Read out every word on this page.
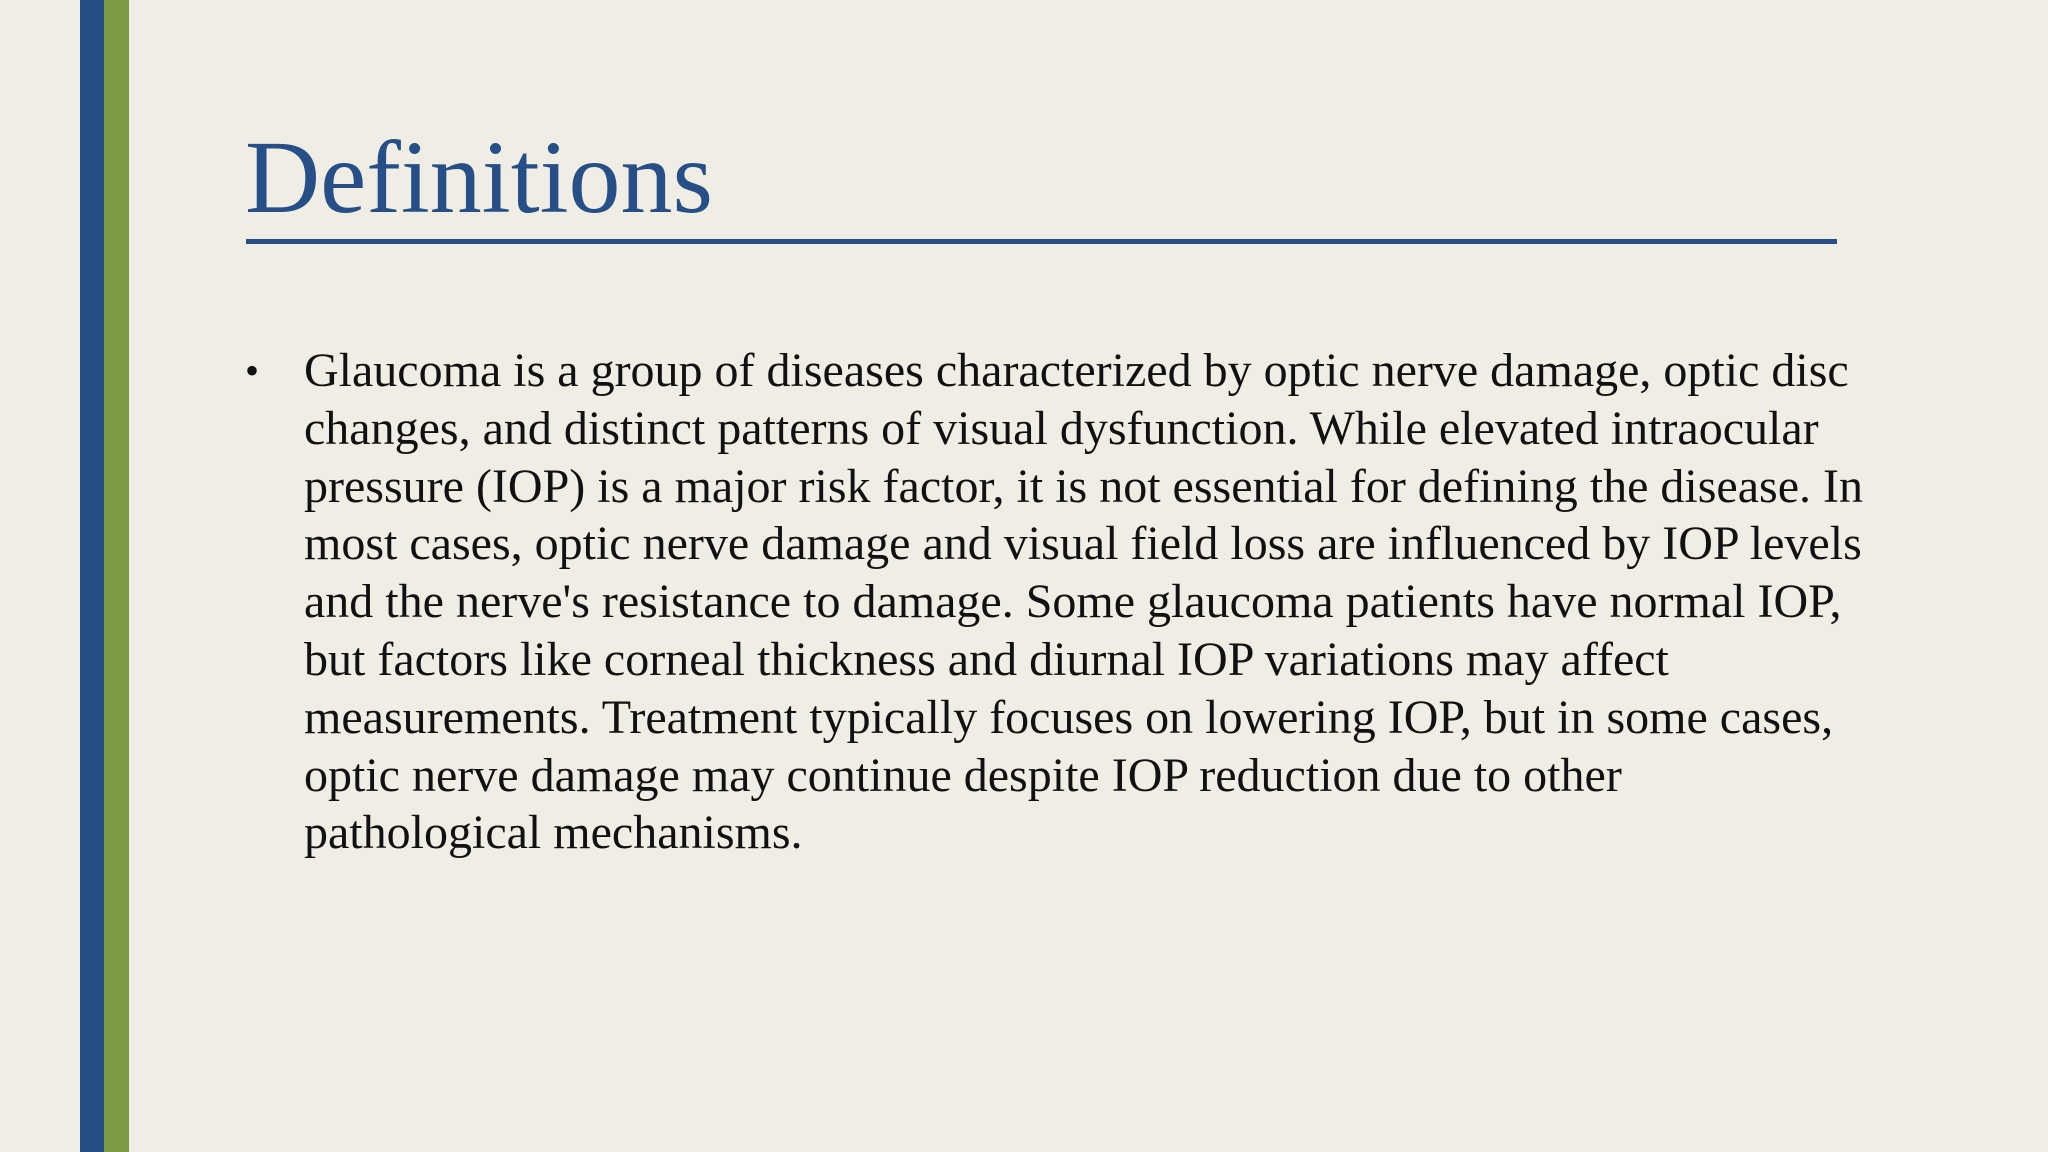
Definitions
• Glaucoma is a group of diseases characterized by optic nerve damage, optic disc changes, and distinct patterns of visual dysfunction. While elevated intraocular pressure (IOP) is a major risk factor, it is not essential for defining the disease. In most cases, optic nerve damage and visual field loss are influenced by IOP levels and the nerve's resistance to damage. Some glaucoma patients have normal IOP, but factors like corneal thickness and diurnal IOP variations may affect measurements. Treatment typically focuses on lowering IOP, but in some cases, optic nerve damage may continue despite IOP reduction due to other pathological mechanisms.
